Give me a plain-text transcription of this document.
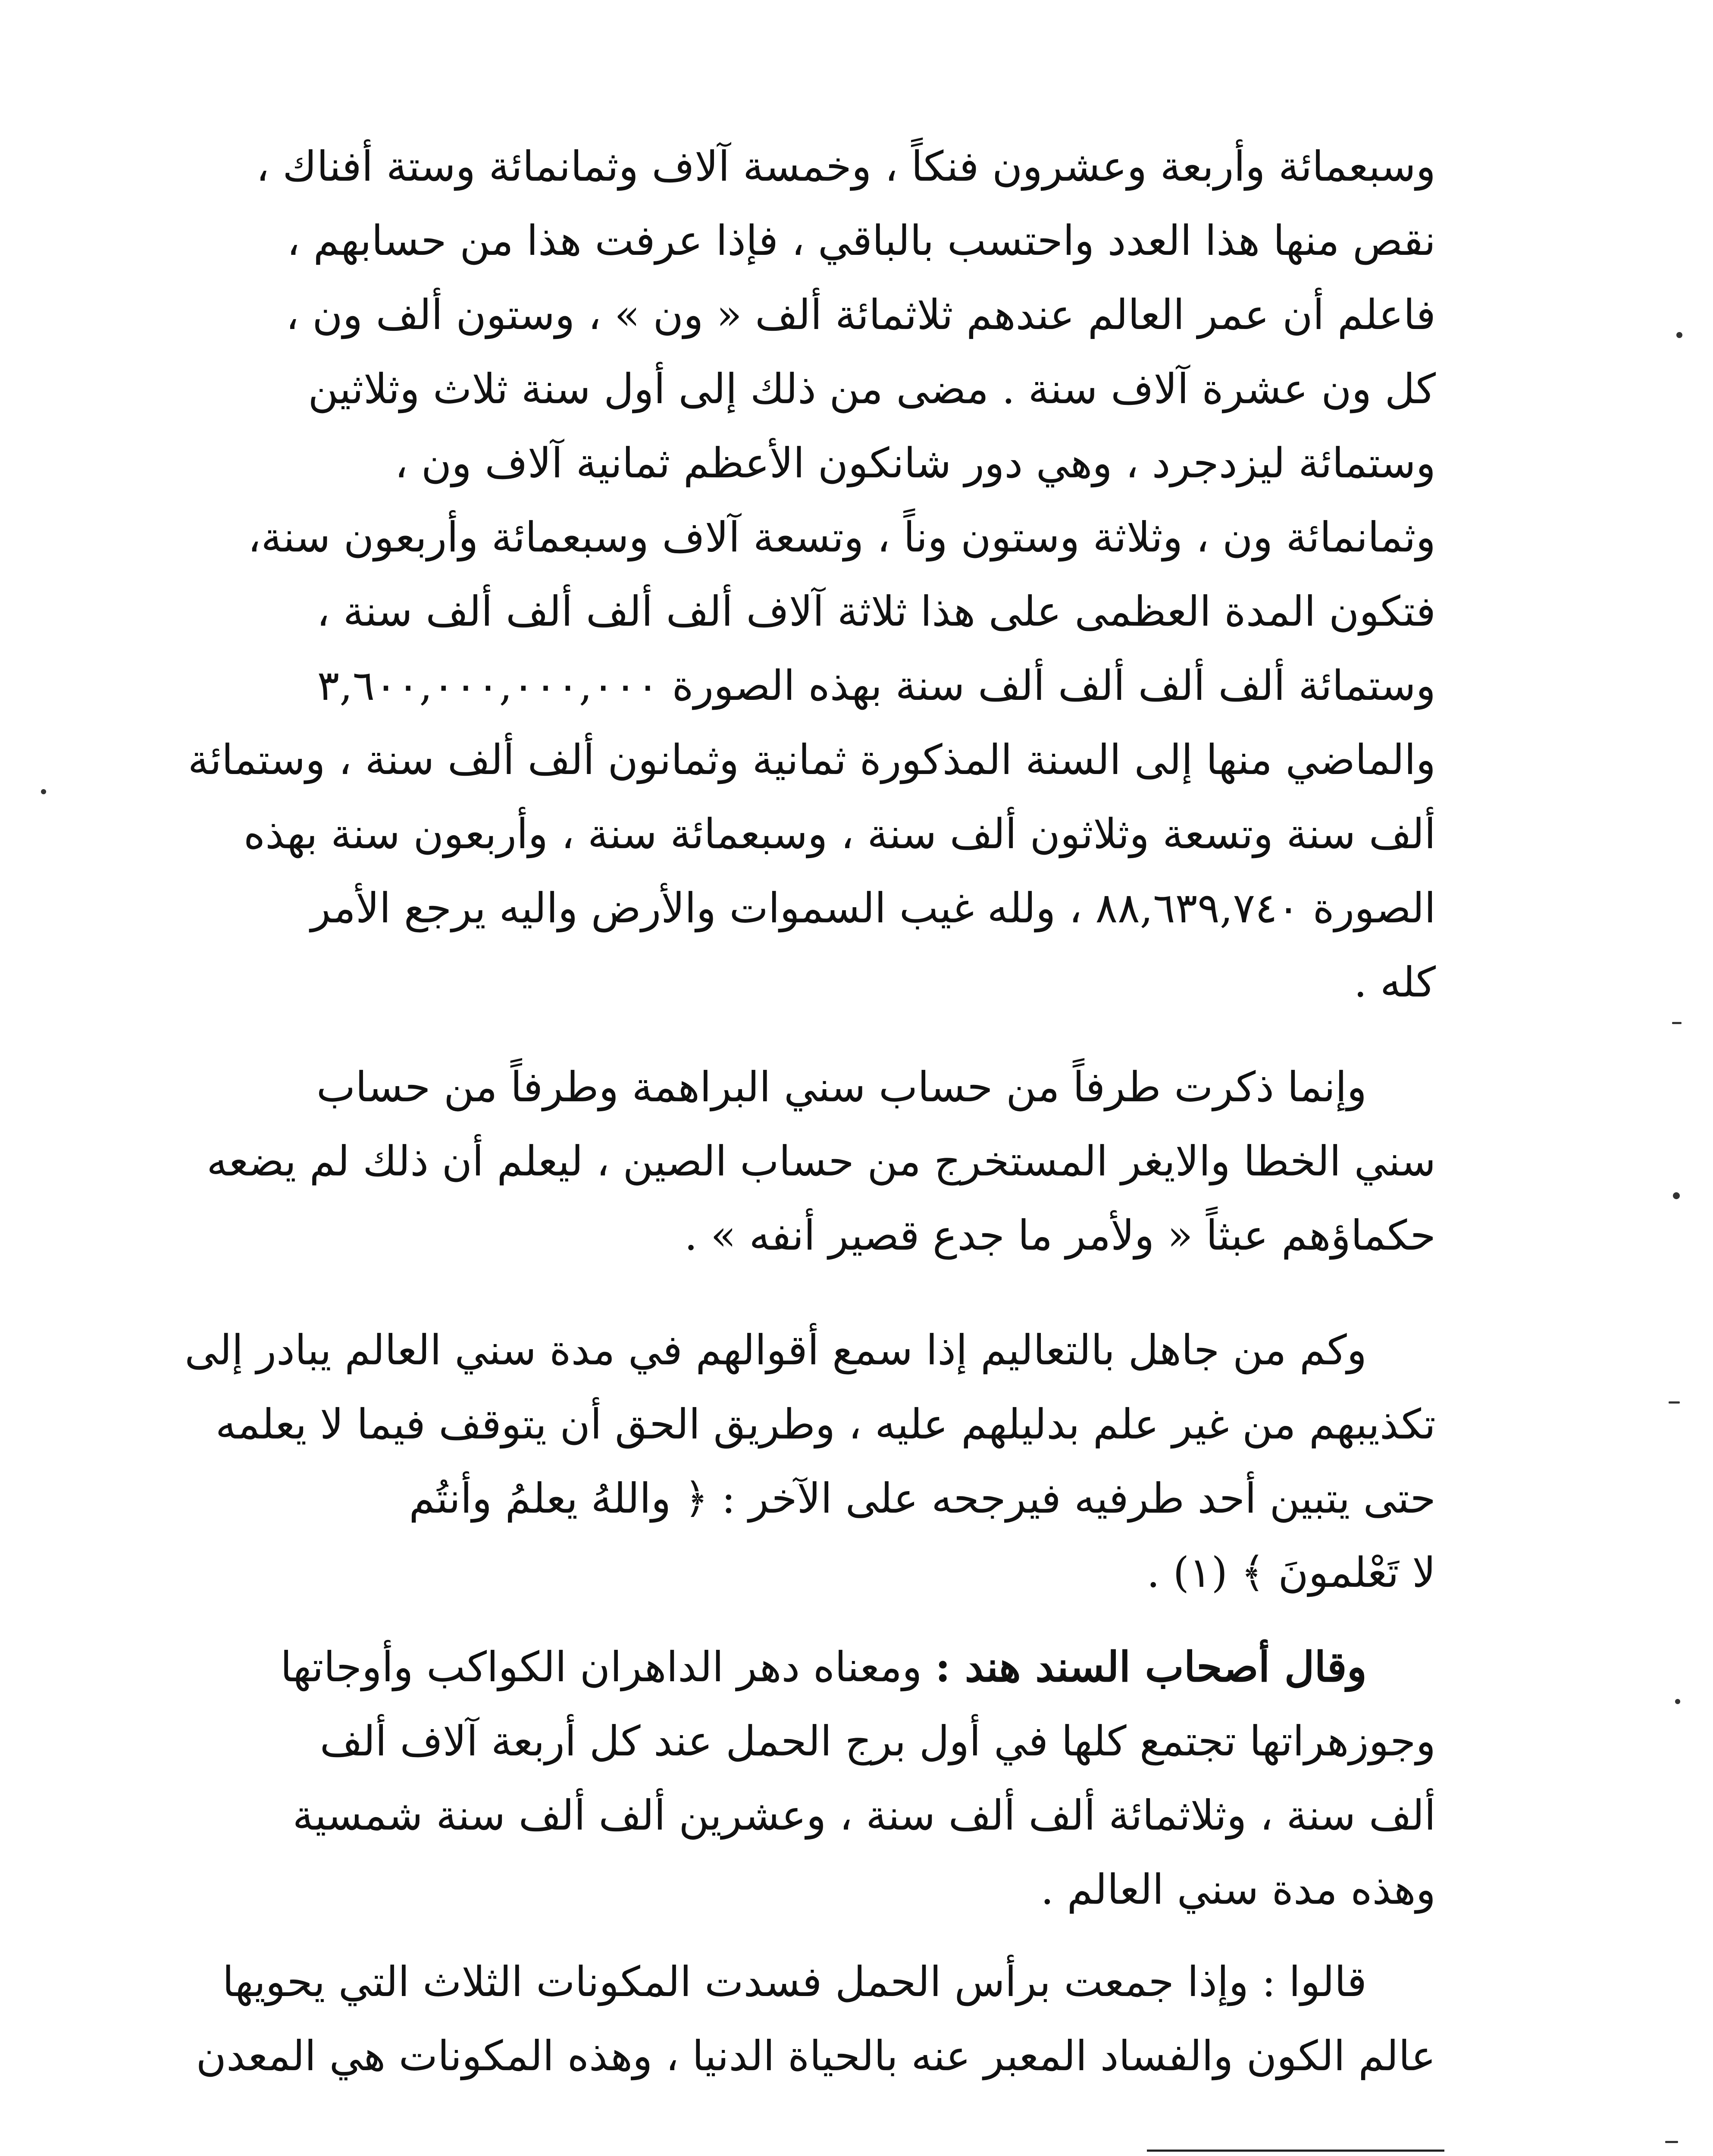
وسبعمائة وأربعة وعشرون فنكاً ، وخمسة آلاف وثمانمائة وستة أفناك ،
نقص منها هذا العدد واحتسب بالباقي ، فإذا عرفت هذا من حسابهم ،
فاعلم أن عمر العالم عندهم ثلاثمائة ألف « ون » ، وستون ألف ون ،
كل ون عشرة آلاف سنة . مضى من ذلك إلى أول سنة ثلاث وثلاثين
وستمائة ليزدجرد ، وهي دور شانكون الأعظم ثمانية آلاف ون ،
وثمانمائة ون ، وثلاثة وستون وناً ، وتسعة آلاف وسبعمائة وأربعون سنة،
فتكون المدة العظمى على هذا ثلاثة آلاف ألف ألف ألف ألف سنة ،
وستمائة ألف ألف ألف ألف سنة بهذه الصورة ٣,٦٠٠,٠٠٠,٠٠٠,٠٠٠
والماضي منها إلى السنة المذكورة ثمانية وثمانون ألف ألف سنة ، وستمائة
ألف سنة وتسعة وثلاثون ألف سنة ، وسبعمائة سنة ، وأربعون سنة بهذه
الصورة ٨٨,٦٣٩,٧٤٠ ، ولله غيب السموات والأرض واليه يرجع الأمر
كله .

وإنما ذكرت طرفاً من حساب سني البراهمة وطرفاً من حساب
سني الخطا والايغر المستخرج من حساب الصين ، ليعلم أن ذلك لم يضعه
حكماؤهم عبثاً « ولأمر ما جدع قصير أنفه » .

وكم من جاهل بالتعاليم إذا سمع أقوالهم في مدة سني العالم يبادر إلى
تكذيبهم من غير علم بدليلهم عليه ، وطريق الحق أن يتوقف فيما لا يعلمه
حتى يتبين أحد طرفيه فيرجحه على الآخر : ﴿ واللهُ يعلمُ وأنتُم
لا تَعْلمونَ ﴾ (١) .

وقال أصحاب السند هند : ومعناه دهر الداهران الكواكب وأوجاتها
وجوزهراتها تجتمع كلها في أول برج الحمل عند كل أربعة آلاف ألف
ألف سنة ، وثلاثمائة ألف ألف سنة ، وعشرين ألف ألف سنة شمسية
وهذه مدة سني العالم .

قالوا : وإذا جمعت برأس الحمل فسدت المكونات الثلاث التي يحويها
عالم الكون والفساد المعبر عنه بالحياة الدنيا ، وهذه المكونات هي المعدن
